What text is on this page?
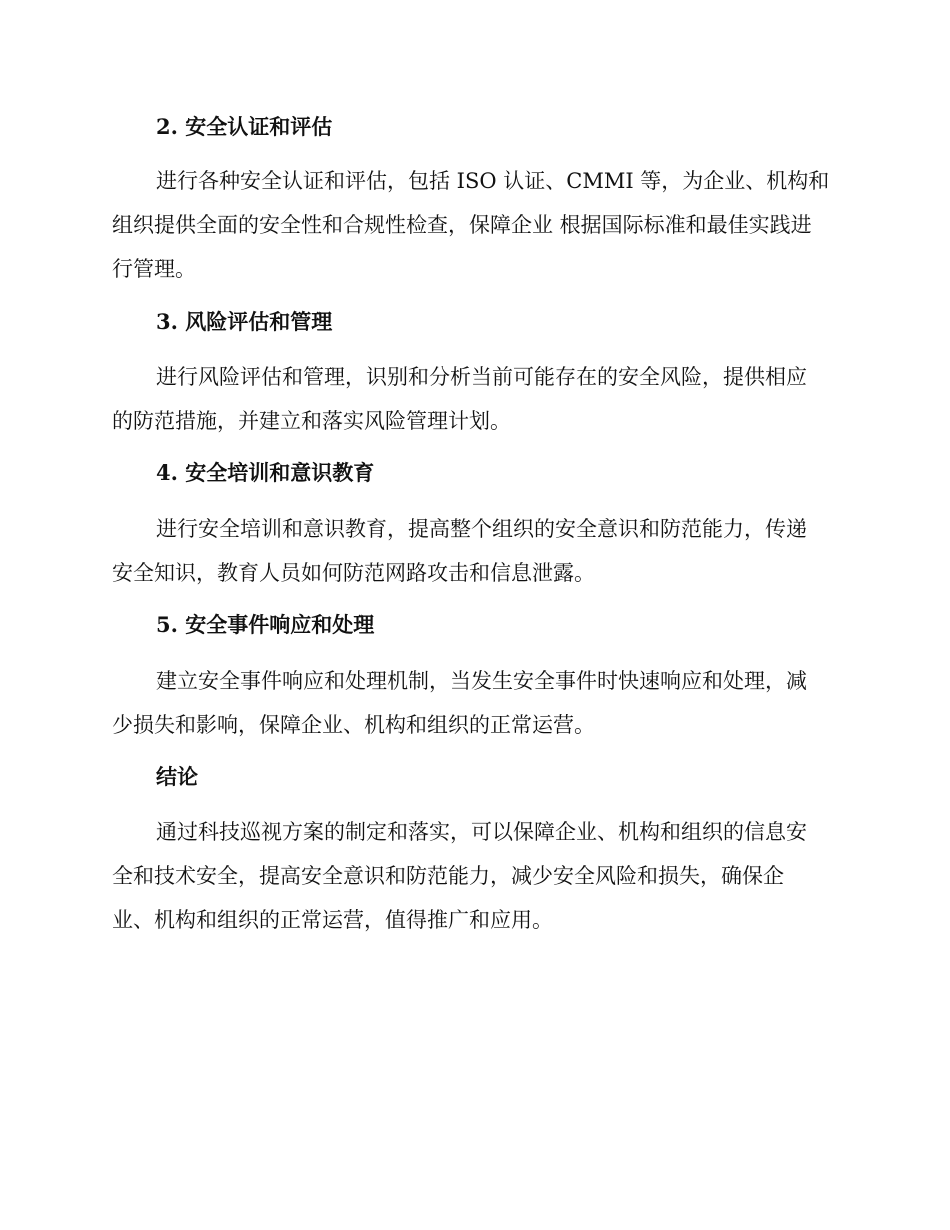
2. 安全认证和评估
进行各种安全认证和评估，包括 ISO 认证、CMMI 等，为企业、机构和
组织提供全面的安全性和合规性检查，保障企业 根据国际标准和最佳实践进
行管理。
3. 风险评估和管理
进行风险评估和管理，识别和分析当前可能存在的安全风险，提供相应
的防范措施，并建立和落实风险管理计划。
4. 安全培训和意识教育
进行安全培训和意识教育，提高整个组织的安全意识和防范能力，传递
安全知识，教育人员如何防范网路攻击和信息泄露。
5. 安全事件响应和处理
建立安全事件响应和处理机制，当发生安全事件时快速响应和处理，减
少损失和影响，保障企业、机构和组织的正常运营。
结论
通过科技巡视方案的制定和落实，可以保障企业、机构和组织的信息安
全和技术安全，提高安全意识和防范能力，减少安全风险和损失，确保企
业、机构和组织的正常运营，值得推广和应用。
